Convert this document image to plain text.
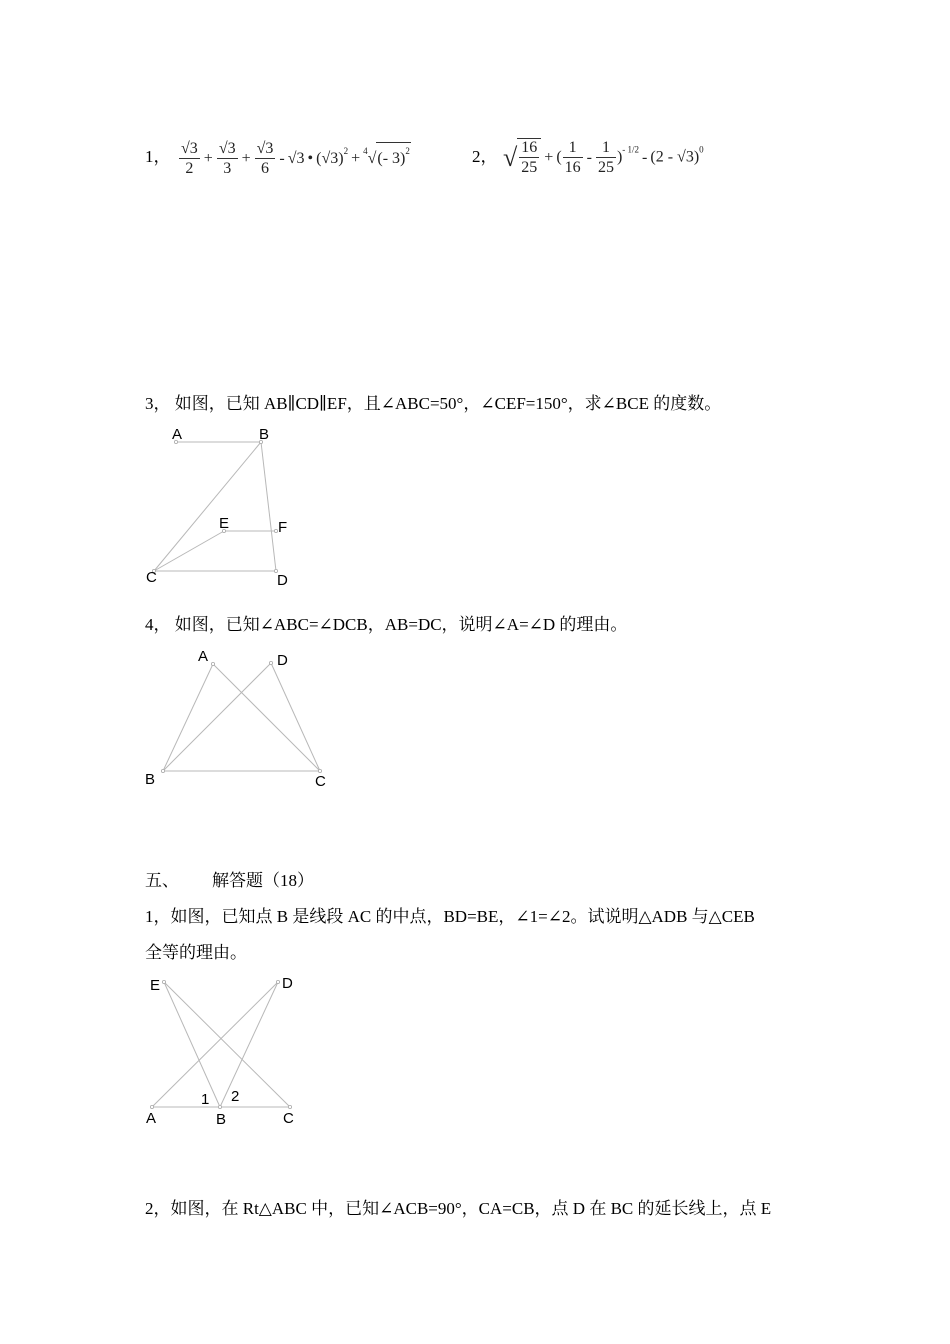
1， $\frac{√3}{2} + \frac{√3}{3} + \frac{√3}{6} - √3$ • $(√3)^2 + ^4√(-$ 3)$^2$	2， √ $\frac{16}{25}$ + ( $\frac{1}{16} - \frac{1}{25} )^{- 1/2} - (2 - √3)^0$
3， 如图，已知 AB∥CD∥EF，且∠ABC=50°，∠CEF=150°，求∠BCE 的度数。
A	B
E	F
C	D
4， 如图，已知∠ABC=∠DCB，AB=DC，说明∠A=∠D 的理由。
A	D
B	C
五、 解答题（18）
1，如图，已知点 B 是线段 AC 的中点，BD=BE，∠1=∠2。试说明△ADB 与△CEB
全等的理由。
E	D
A	B	C
1 2
2，如图，在 Rt△ABC 中，已知∠ACB=90°，CA=CB，点 D 在 BC 的延长线上，点 E
